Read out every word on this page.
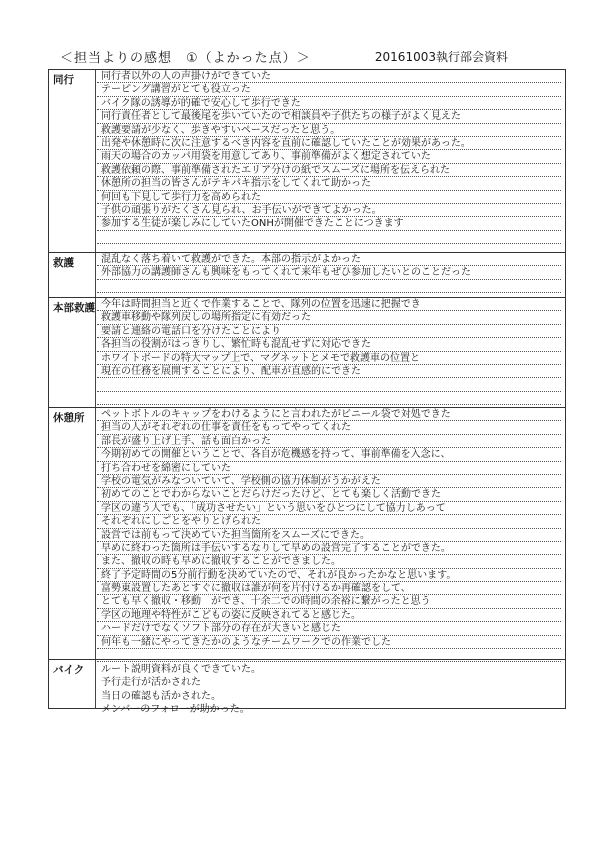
＜担当よりの感想　①（よかった点）＞	20161003執行部会資料
同行	同行者以外の人の声掛けができていた
テーピング講習がとても役立った
バイク隊の誘導が的確で安心して歩行できた
同行責任者として最後尾を歩いていたので相談員や子供たちの様子がよく見えた
救護要請が少なく、歩きやすいペースだったと思う。
出発や休憩時に次に注意するべき内容を直前に確認していたことが効果があった。
雨天の場合のカッパ用袋を用意してあり、事前準備がよく想定されていた
救護依頼の際、事前準備されたエリア分けの紙でスムーズに場所を伝えられた
休憩所の担当の皆さんがテキパキ指示をしてくれて助かった
何回も下見して歩行力を高められた
子供の頑張りがたくさん見られ、お手伝いができてよかった。
参加する生徒が楽しみにしていたONHが開催できたことにつきます
救護	混乱なく落ち着いて救護ができた。本部の指示がよかった
外部協力の講護師さんも興味をもってくれて来年もぜひ参加したいとのことだった
本部救護 今年は時間担当と近くで作業することで、隊列の位置を迅速に把握でき
救護車移動や隊列戻しの場所指定に有効だった
要請と連絡の電話口を分けたことにより
各担当の役割がはっきりし、繁忙時も混乱せずに対応できた
ホワイトボードの特大マップ上で、マグネットとメモで救護車の位置と
現在の任務を展開することにより、配車が直感的にできた
休憩所	ペットボトルのキャップをわけるようにと言われたがビニール袋で対処できた
担当の人がそれぞれの仕事を責任をもってやってくれた
部長が盛り上げ上手、話も面白かった
今期初めての開催ということで、各自が危機感を持って、事前準備を入念に、
打ち合わせを綿密にしていた
学校の電気がみなついていて、学校側の協力体制がうかがえた
初めてのことでわからないことだらけだったけど、とても楽しく活動できた
学区の違う人でも、「成功させたい」という思いをひとつにして協力しあって
それぞれにしごとをやりとげられた
設営では前もって決めていた担当箇所をスムーズにできた。
早めに終わった箇所は手伝いするなりして早めの設営完了することができた。
また、撤収の時も早めに撤収することができました。
終了予定時間の5分前行動を決めていたので、それが良かったかなと思います。
富勢東設置したあとすぐに撤収は誰が何を片付けるか再確認をして、
とても早く撤収・移動　ができ、十余二での時間の余裕に繋がったと思う
学区の地理や特性がこどもの姿に反映されてると感じた。
ハードだけでなくソフト部分の存在が大きいと感じた
何年も一緒にやってきたかのようなチームワークでの作業でした
バイク	ルート説明資料が良くできていた。
予行走行が活かされた
当日の確認も活かされた。
メンバーのフォローが助かった。
